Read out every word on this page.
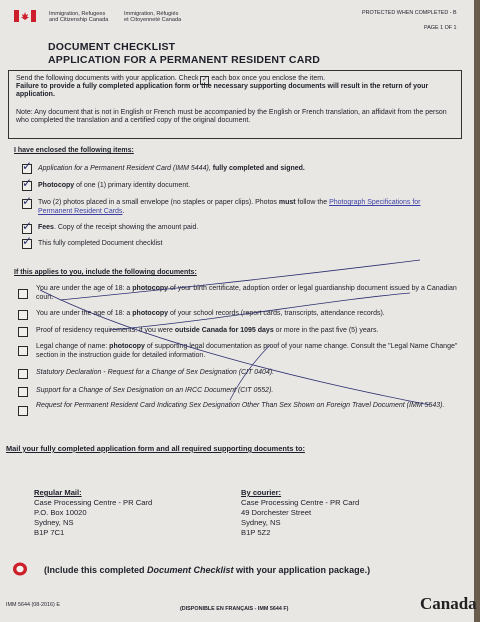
Immigration, Refugees
and Citizenship Canada
Immigration, Réfugiés
et Citoyenneté Canada
PROTECTED WHEN COMPLETED - B
PAGE 1 OF 1
DOCUMENT CHECKLIST
APPLICATION FOR A PERMANENT RESIDENT CARD
Send the following documents with your application. Check ✓ each box once you enclose the item.
Failure to provide a fully completed application form or the necessary supporting documents will result in the return of your application.
Note: Any document that is not in English or French must be accompanied by the English or French translation, an affidavit from the person who completed the translation and a certified copy of the original document.
I have enclosed the following items:
✓ Application for a Permanent Resident Card (IMM 5444), fully completed and signed.
✓ Photocopy of one (1) primary identity document.
✓ Two (2) photos placed in a small envelope (no staples or paper clips). Photos must follow the Photograph Specifications for Permanent Resident Cards.
✓ Fees. Copy of the receipt showing the amount paid.
✓ This fully completed Document checklist
If this applies to you, include the following documents:
You are under the age of 18: a photocopy of your birth certificate, adoption order or legal guardianship document issued by a Canadian court.
You are under the age of 18: a photocopy of your school records (report cards, transcripts, attendance records).
Proof of residency requirements: if you were outside Canada for 1095 days or more in the past five (5) years.
Legal change of name: photocopy of supporting legal documentation as proof of your name change. Consult the "Legal Name Change" section in the instruction guide for detailed information.
Statutory Declaration - Request for a Change of Sex Designation (CIT 0404).
Support for a Change of Sex Designation on an IRCC Document (CIT 0552).
Request for Permanent Resident Card Indicating Sex Designation Other Than Sex Shown on Foreign Travel Document (IMM 5543).
Mail your fully completed application form and all required supporting documents to:
Regular Mail:
Case Processing Centre - PR Card
P.O. Box 10020
Sydney, NS
B1P 7C1
By courier:
Case Processing Centre - PR Card
49 Dorchester Street
Sydney, NS
B1P 5Z2
(Include this completed Document Checklist with your application package.)
IMM 5644 (08-2016) E
(DISPONIBLE EN FRANÇAIS - IMM 5644 F)	Canada
